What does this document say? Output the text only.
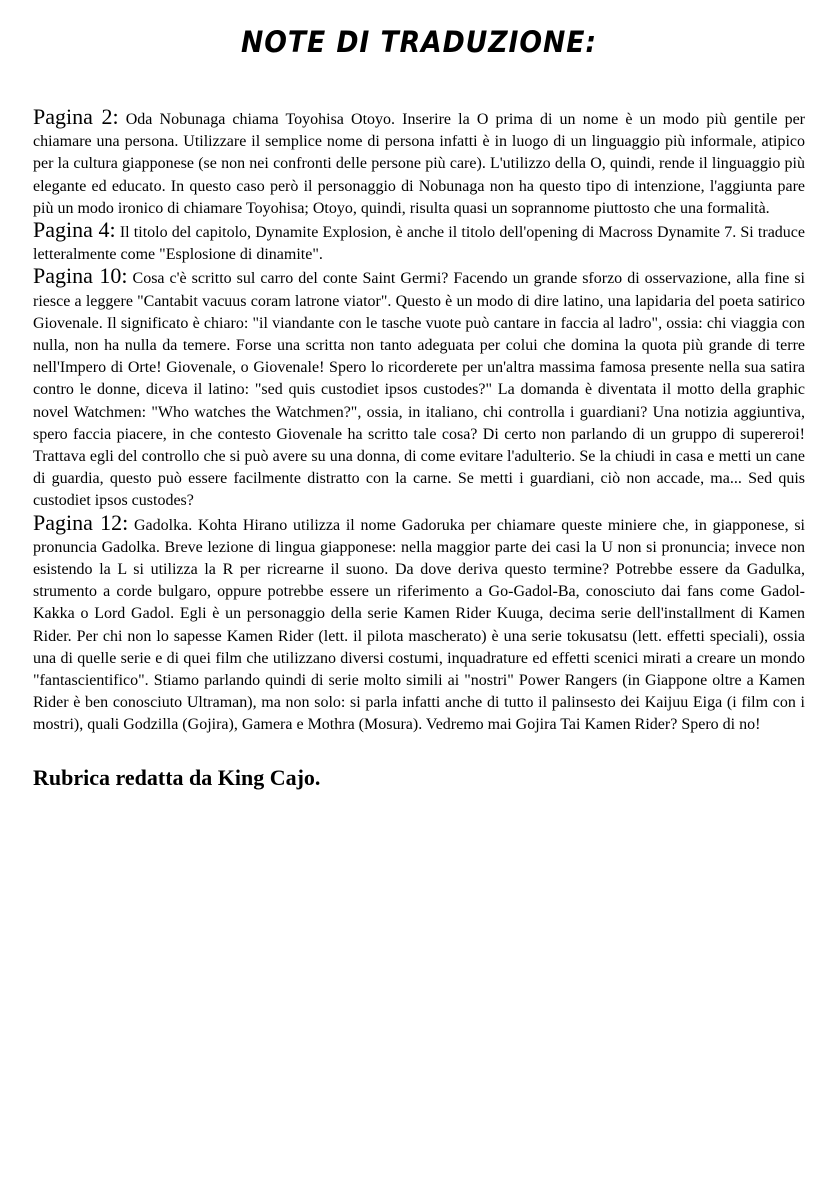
NOTE DI TRADUZIONE:

Pagina 2: Oda Nobunaga chiama Toyohisa Otoyo. Inserire la O prima di un nome è un modo più gentile per chiamare una persona. Utilizzare il semplice nome di persona infatti è in luogo di un linguaggio più informale, atipico per la cultura giapponese (se non nei confronti delle persone più care). L'utilizzo della O, quindi, rende il linguaggio più elegante ed educato. In questo caso però il personaggio di Nobunaga non ha questo tipo di intenzione, l'aggiunta pare più un modo ironico di chiamare Toyohisa; Otoyo, quindi, risulta quasi un soprannome piuttosto che una formalità.

Pagina 4: Il titolo del capitolo, Dynamite Explosion, è anche il titolo dell'opening di Macross Dynamite 7. Si traduce letteralmente come "Esplosione di dinamite".

Pagina 10: Cosa c'è scritto sul carro del conte Saint Germi? Facendo un grande sforzo di osservazione, alla fine si riesce a leggere "Cantabit vacuus coram latrone viator". Questo è un modo di dire latino, una lapidaria del poeta satirico Giovenale. Il significato è chiaro: "il viandante con le tasche vuote può cantare in faccia al ladro", ossia: chi viaggia con nulla, non ha nulla da temere. Forse una scritta non tanto adeguata per colui che domina la quota più grande di terre nell'Impero di Orte! Giovenale, o Giovenale! Spero lo ricorderete per un'altra massima famosa presente nella sua satira contro le donne, diceva il latino: "sed quis custodiet ipsos custodes?" La domanda è diventata il motto della graphic novel Watchmen: "Who watches the Watchmen?", ossia, in italiano, chi controlla i guardiani? Una notizia aggiuntiva, spero faccia piacere, in che contesto Giovenale ha scritto tale cosa? Di certo non parlando di un gruppo di supereroi! Trattava egli del controllo che si può avere su una donna, di come evitare l'adulterio. Se la chiudi in casa e metti un cane di guardia, questo può essere facilmente distratto con la carne. Se metti i guardiani, ciò non accade, ma... Sed quis custodiet ipsos custodes?

Pagina 12: Gadolka. Kohta Hirano utilizza il nome Gadoruka per chiamare queste miniere che, in giapponese, si pronuncia Gadolka. Breve lezione di lingua giapponese: nella maggior parte dei casi la U non si pronuncia; invece non esistendo la L si utilizza la R per ricrearne il suono. Da dove deriva questo termine? Potrebbe essere da Gadulka, strumento a corde bulgaro, oppure potrebbe essere un riferimento a Go-Gadol-Ba, conosciuto dai fans come Gadol-Kakka o Lord Gadol. Egli è un personaggio della serie Kamen Rider Kuuga, decima serie dell'installment di Kamen Rider. Per chi non lo sapesse Kamen Rider (lett. il pilota mascherato) è una serie tokusatsu (lett. effetti speciali), ossia una di quelle serie e di quei film che utilizzano diversi costumi, inquadrature ed effetti scenici mirati a creare un mondo "fantascientifico". Stiamo parlando quindi di serie molto simili ai "nostri" Power Rangers (in Giappone oltre a Kamen Rider è ben conosciuto Ultraman), ma non solo: si parla infatti anche di tutto il palinsesto dei Kaijuu Eiga (i film con i mostri), quali Godzilla (Gojira), Gamera e Mothra (Mosura). Vedremo mai Gojira Tai Kamen Rider? Spero di no!

Rubrica redatta da King Cajo.
